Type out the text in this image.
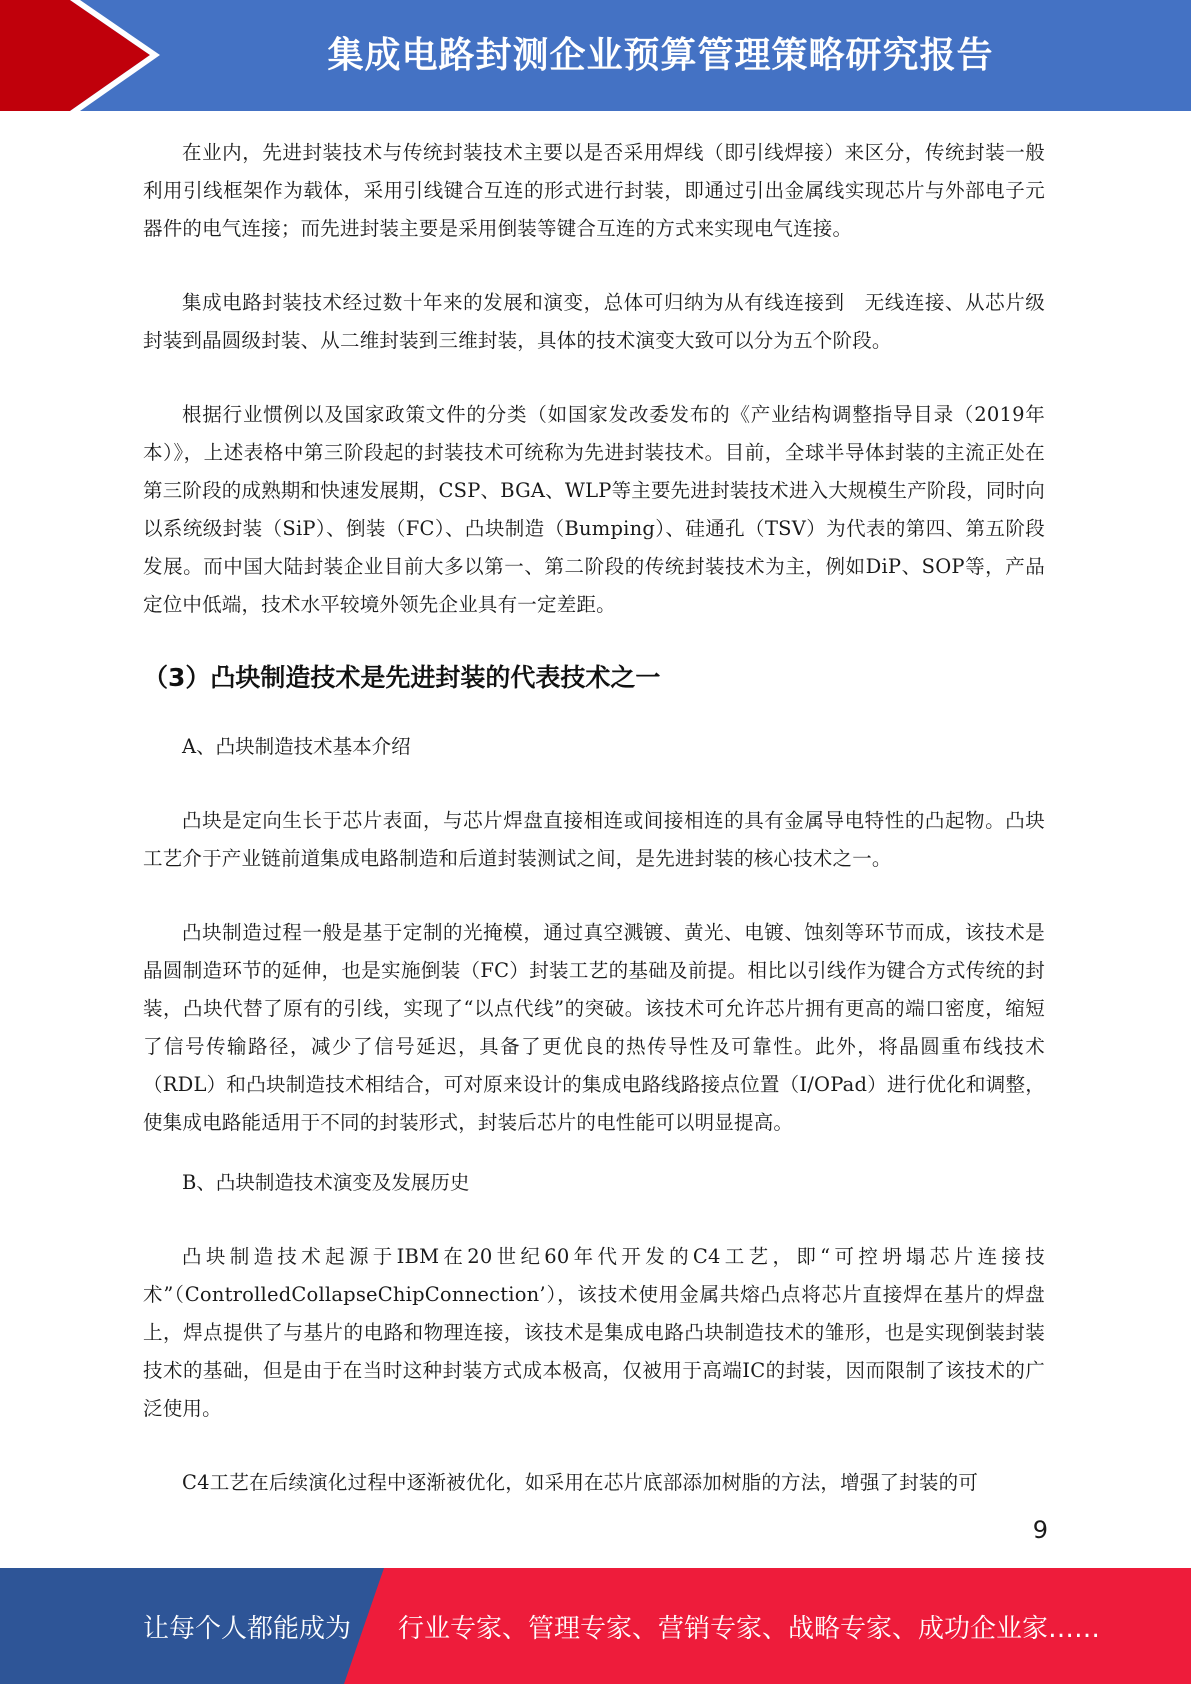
集成电路封测企业预算管理策略研究报告

在业内，先进封装技术与传统封装技术主要以是否采用焊线（即引线焊接）来区分，传统封装一般利用引线框架作为载体，采用引线键合互连的形式进行封装，即通过引出金属线实现芯片与外部电子元器件的电气连接；而先进封装主要是采用倒装等键合互连的方式来实现电气连接。

集成电路封装技术经过数十年来的发展和演变，总体可归纳为从有线连接到　无线连接、从芯片级封装到晶圆级封装、从二维封装到三维封装，具体的技术演变大致可以分为五个阶段。

根据行业惯例以及国家政策文件的分类（如国家发改委发布的《产业结构调整指导目录（2019年本）》，上述表格中第三阶段起的封装技术可统称为先进封装技术。目前，全球半导体封装的主流正处在第三阶段的成熟期和快速发展期，CSP、BGA、WLP等主要先进封装技术进入大规模生产阶段，同时向以系统级封装（SiP）、倒装（FC）、凸块制造（Bumping）、硅通孔（TSV）为代表的第四、第五阶段发展。而中国大陆封装企业目前大多以第一、第二阶段的传统封装技术为主，例如DiP、SOP等，产品定位中低端，技术水平较境外领先企业具有一定差距。

（3）凸块制造技术是先进封装的代表技术之一

A、凸块制造技术基本介绍

凸块是定向生长于芯片表面，与芯片焊盘直接相连或间接相连的具有金属导电特性的凸起物。凸块工艺介于产业链前道集成电路制造和后道封装测试之间，是先进封装的核心技术之一。

凸块制造过程一般是基于定制的光掩模，通过真空溅镀、黄光、电镀、蚀刻等环节而成，该技术是晶圆制造环节的延伸，也是实施倒装（FC）封装工艺的基础及前提。相比以引线作为键合方式传统的封装，凸块代替了原有的引线，实现了“以点代线”的突破。该技术可允许芯片拥有更高的端口密度，缩短了信号传输路径，减少了信号延迟，具备了更优良的热传导性及可靠性。此外，将晶圆重布线技术（RDL）和凸块制造技术相结合，可对原来设计的集成电路线路接点位置（I/OPad）进行优化和调整，使集成电路能适用于不同的封装形式，封装后芯片的电性能可以明显提高。

B、凸块制造技术演变及发展历史

凸块制造技术起源于IBM在20世纪60年代开发的C4工艺，即“可控坍塌芯片连接技术”（ControlledCollapseChipConnection’），该技术使用金属共熔凸点将芯片直接焊在基片的焊盘上，焊点提供了与基片的电路和物理连接，该技术是集成电路凸块制造技术的雏形，也是实现倒装封装技术的基础，但是由于在当时这种封装方式成本极高，仅被用于高端IC的封装，因而限制了该技术的广泛使用。

C4工艺在后续演化过程中逐渐被优化，如采用在芯片底部添加树脂的方法，增强了封装的可

9
让每个人都能成为 行业专家、管理专家、营销专家、战略专家、成功企业家……
